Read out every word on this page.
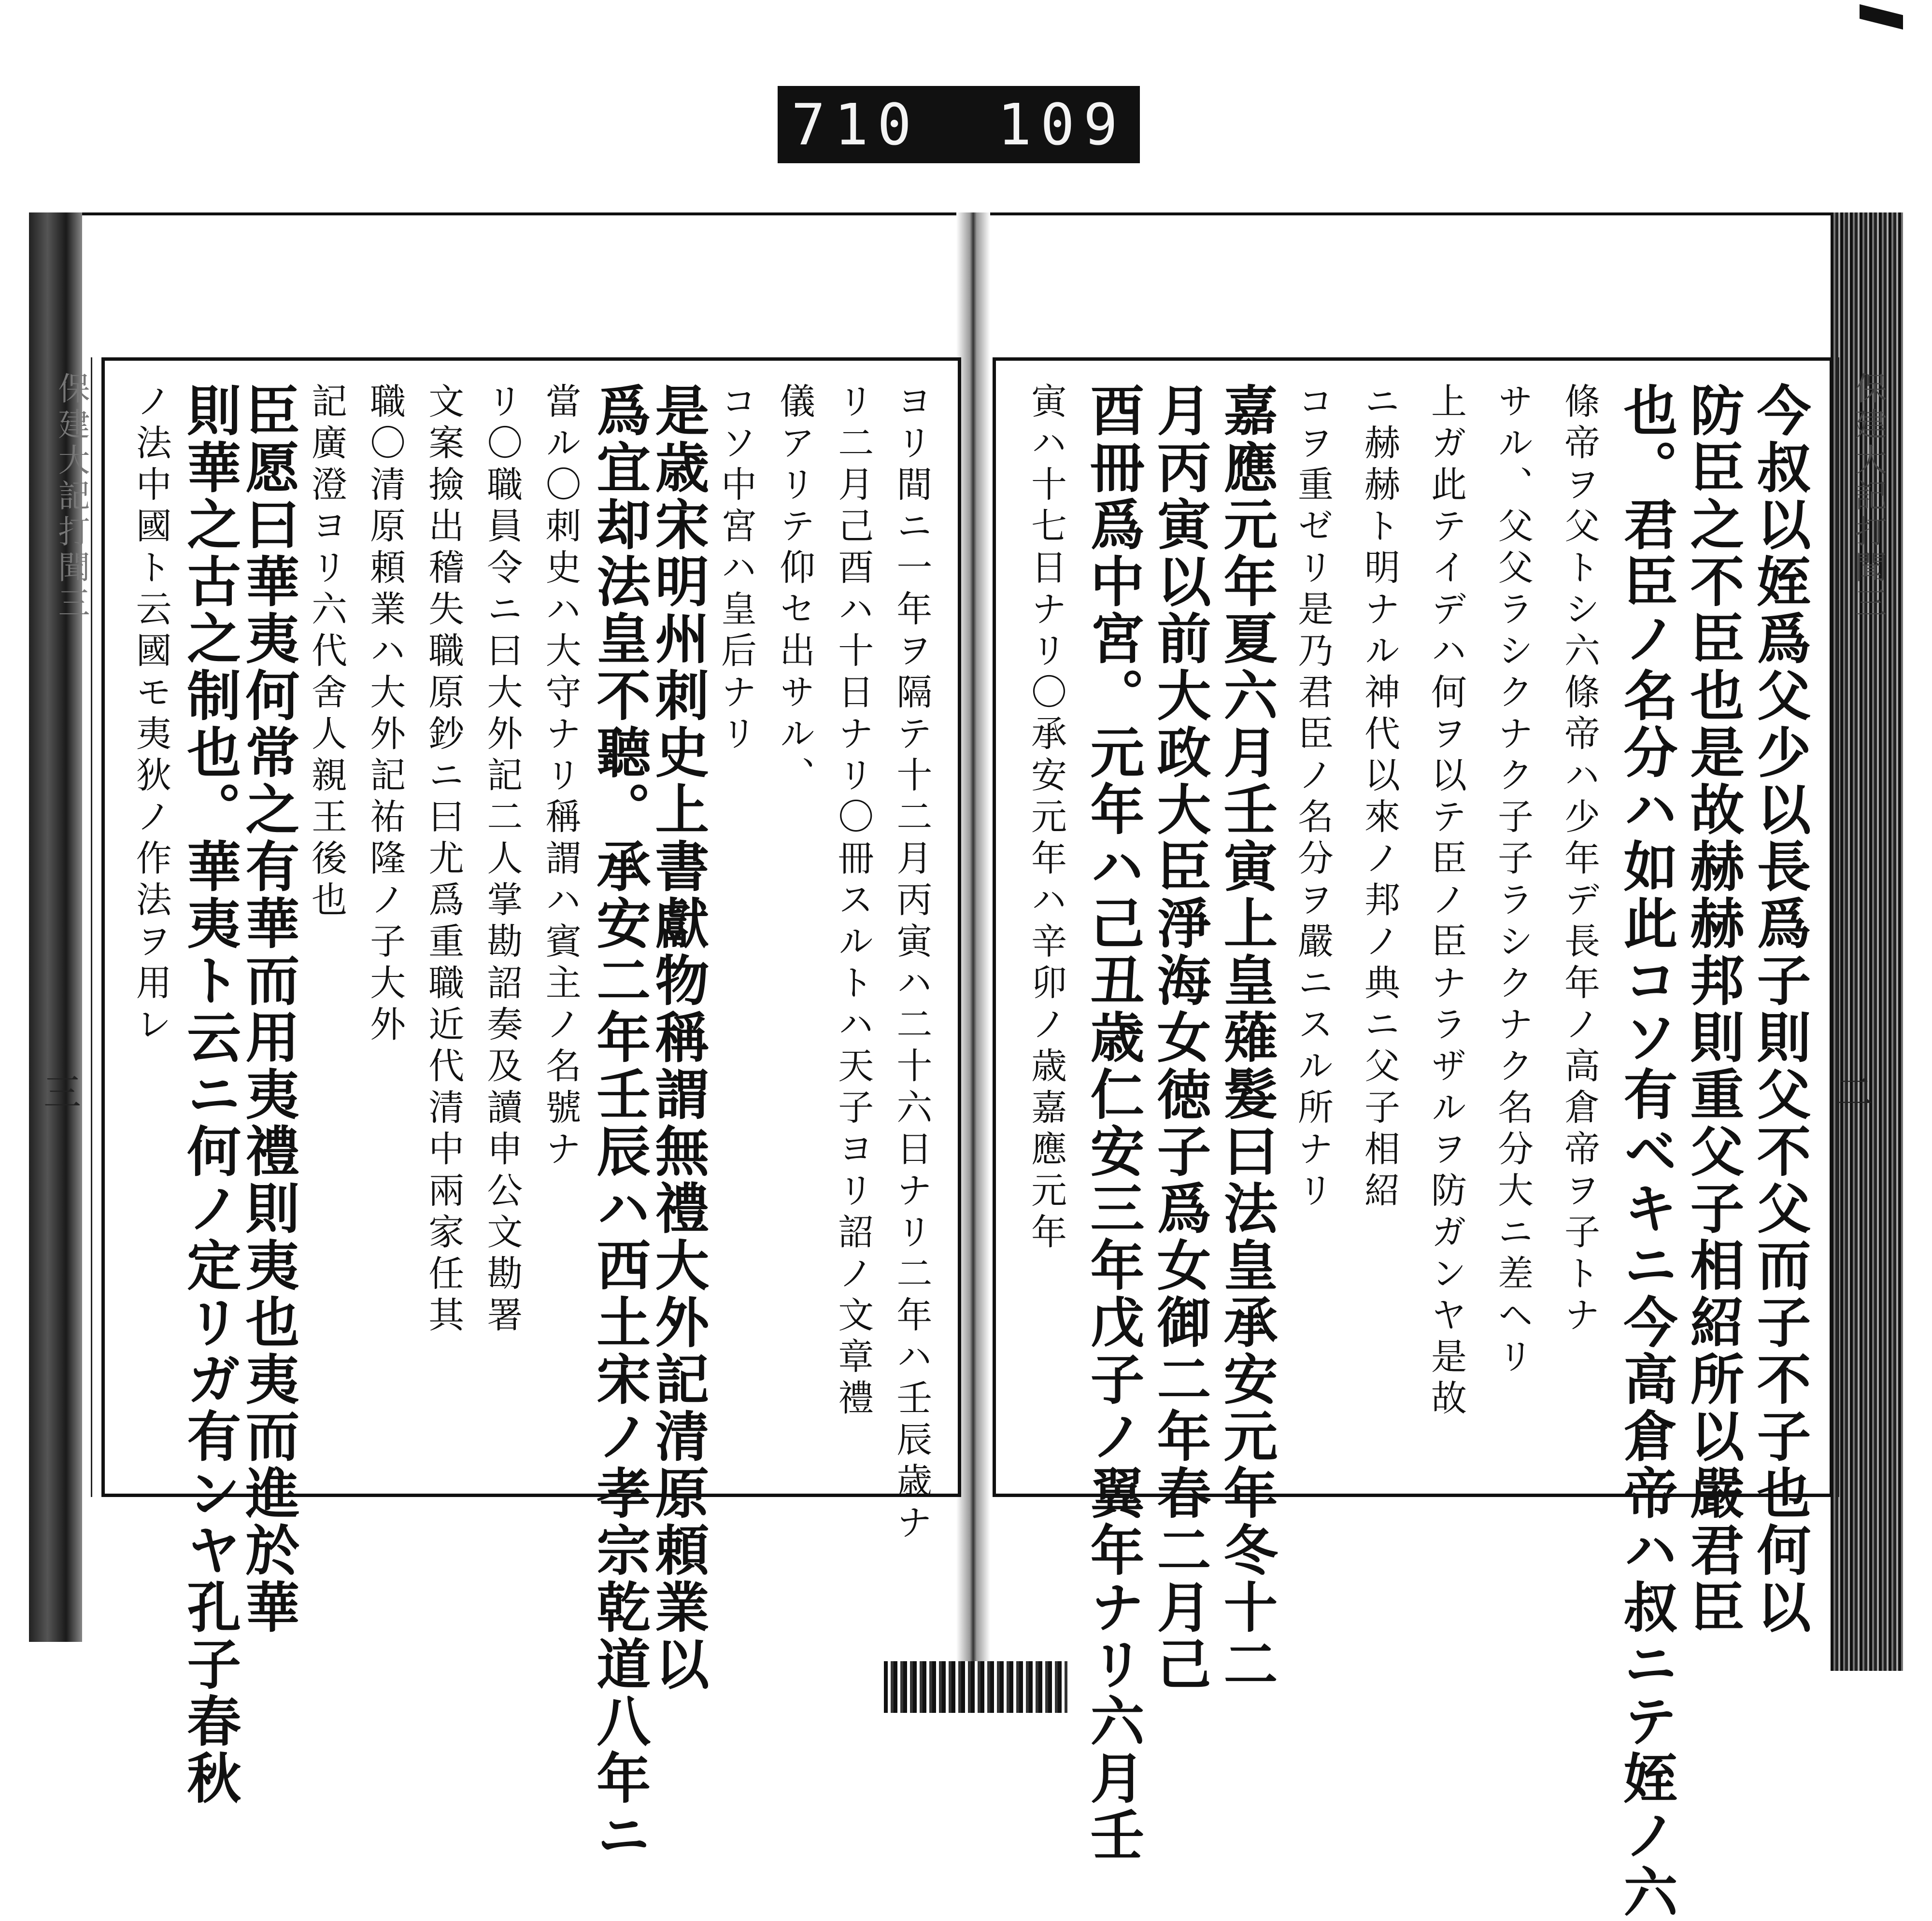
710 109
今叔以姪爲父少以長爲子則父不父而子不子也何以
防臣之不臣也是故赫赫邦則重父子相紹所以嚴君臣
也。君臣ノ名分ハ如此コソ有ベキニ今高倉帝ハ叔ニテ姪ノ六
條帝ヲ父トシ六條帝ハ少年デ長年ノ高倉帝ヲ子トナ
サル、父父ラシクナク子子ラシクナク名分大ニ差ヘリ
上ガ此テイデハ何ヲ以テ臣ノ臣ナラザルヲ防ガンヤ是故
ニ赫赫ト明ナル神代以來ノ邦ノ典ニ父子相紹
コヲ重ゼリ是乃君臣ノ名分ヲ嚴ニスル所ナリ
嘉應元年夏六月壬寅上皇薙髮曰法皇承安元年冬十二
月丙寅以前大政大臣淨海女徳子爲女御二年春二月己
酉冊爲中宮。元年ハ己丑歳仁安三年戊子ノ翼年ナリ六月壬
寅ハ十七日ナリ〇承安元年ハ辛卯ノ歳嘉應元年	保建大記打聞三
二
ヨリ間ニ一年ヲ隔テ十二月丙寅ハ二十六日ナリ二年ハ壬辰歳ナ
リ二月己酉ハ十日ナリ〇冊スルトハ天子ヨリ詔ノ文章禮
儀アリテ仰セ出サル、
コソ中宮ハ皇后ナリ
是歳宋明州刺史上書獻物稱謂無禮大外記清原頼業以
爲宜却法皇不聽。承安二年壬辰ハ西土宋ノ孝宗乾道八年ニ
當ル〇刺史ハ大守ナリ稱謂ハ賓主ノ名號ナ
リ〇職員令ニ曰大外記二人掌勘詔奏及讀申公文勘署
文案撿出稽失職原鈔ニ曰尤爲重職近代清中兩家任其
職〇清原頼業ハ大外記祐隆ノ子大外
記廣澄ヨリ六代舍人親王後也
臣愿曰華夷何常之有華而用夷禮則夷也夷而進於華
則華之古之制也。華夷ト云ニ何ノ定リガ有ンヤ孔子春秋
ノ法中國ト云國モ夷狄ノ作法ヲ用レ
保建大記打聞三
三
